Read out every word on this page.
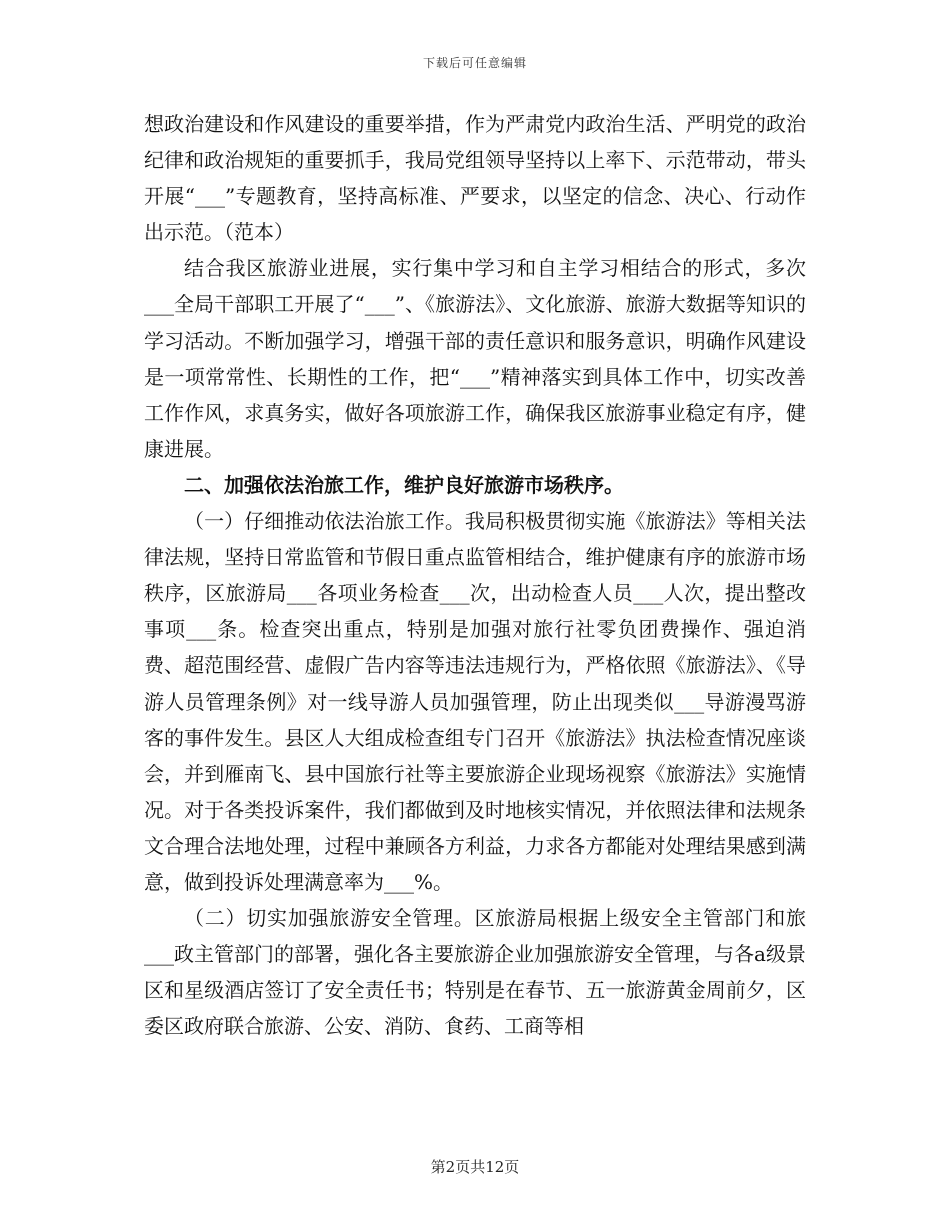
下载后可任意编辑

想政治建设和作风建设的重要举措，作为严肃党内政治生活、严明党的政治纪律和政治规矩的重要抓手，我局党组领导坚持以上率下、示范带动，带头开展“___”专题教育，坚持高标准、严要求，以坚定的信念、决心、行动作出示范。（范本）

结合我区旅游业进展，实行集中学习和自主学习相结合的形式，多次___全局干部职工开展了“___”、《旅游法》、文化旅游、旅游大数据等知识的学习活动。不断加强学习，增强干部的责任意识和服务意识，明确作风建设是一项常常性、长期性的工作，把“___”精神落实到具体工作中，切实改善工作作风，求真务实，做好各项旅游工作，确保我区旅游事业稳定有序，健康进展。

二、加强依法治旅工作，维护良好旅游市场秩序。

（一）仔细推动依法治旅工作。我局积极贯彻实施《旅游法》等相关法律法规，坚持日常监管和节假日重点监管相结合，维护健康有序的旅游市场秩序，区旅游局___各项业务检查___次，出动检查人员___人次，提出整改事项___条。检查突出重点，特别是加强对旅行社零负团费操作、强迫消费、超范围经营、虚假广告内容等违法违规行为，严格依照《旅游法》、《导游人员管理条例》对一线导游人员加强管理，防止出现类似___导游漫骂游客的事件发生。县区人大组成检查组专门召开《旅游法》执法检查情况座谈会，并到雁南飞、县中国旅行社等主要旅游企业现场视察《旅游法》实施情况。对于各类投诉案件，我们都做到及时地核实情况，并依照法律和法规条文合理合法地处理，过程中兼顾各方利益，力求各方都能对处理结果感到满意，做到投诉处理满意率为___%。

（二）切实加强旅游安全管理。区旅游局根据上级安全主管部门和旅___政主管部门的部署，强化各主要旅游企业加强旅游安全管理，与各a级景区和星级酒店签订了安全责任书；特别是在春节、五一旅游黄金周前夕，区委区政府联合旅游、公安、消防、食药、工商等相

第2页共12页
